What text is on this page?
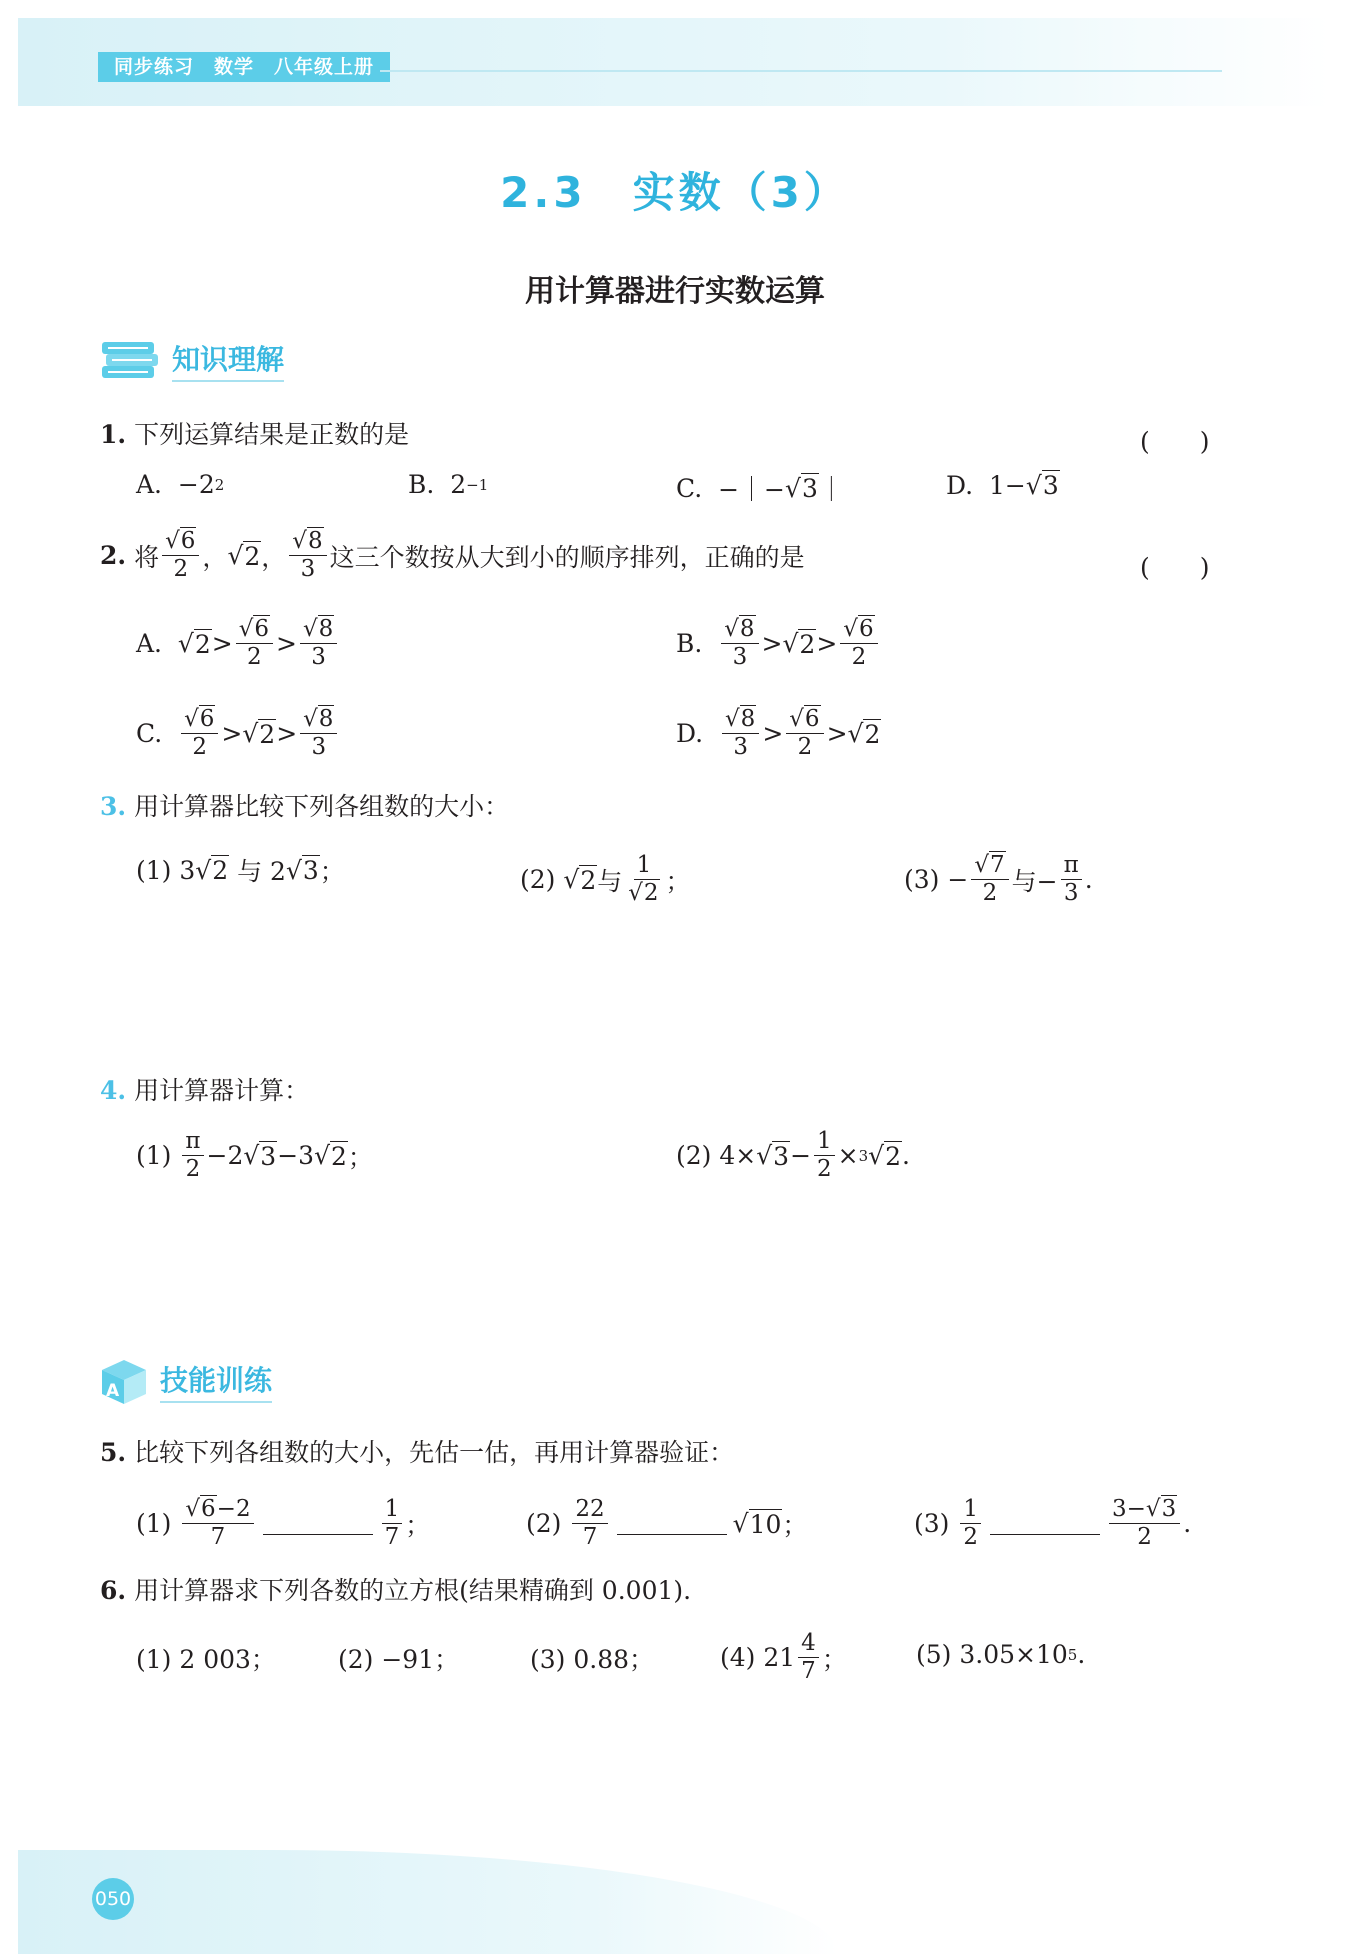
同步练习　数学　八年级上册
2.3　实数（3）
用计算器进行实数运算
知识理解
1. 下列运算结果是正数的是	(　　)
A.
−2 2	B.
2 −1	C.
−｜− √ 3 ｜	D.
1− √ 3
2. 将 $\frac{√6}{2}$ ， √ 2 ， $\frac{√8}{3}$ 这三个数按从大到小的顺序排列，正确的是	(　　)
A. √ $2 > \frac{√6}{2} > \frac{√8}{3}$	B.
$\frac{√8}{3}$ > √ $2 > \frac{√6}{2}$
C.
$\frac{√6}{2}$ > √ $2 > \frac{√8}{3}$	D.
$\frac{√8}{3} > \frac{√6}{2}$ > √ 2
3. 用计算器比较下列各组数的大小：
(1)
3 √ 2
与 2 √ 3 ；	(2) √ 2 与 $\frac{1}{√2}$ ；	(3)
− $\frac{√7}{2}$ 与− $\frac{\pi}{3}$ .
4. 用计算器计算：
(1)
$\frac{\pi}{2} -2$ √ 3 −3 √ 2 ；	(2)
4× √ $3 - \frac{1}{2} \times 3$ √ 2 .
A 技能训练
5. 比较下列各组数的大小，先估一估，再用计算器验证：
(1)
$\frac{√6-2}{7}$	$\frac{1}{7}$ ；	(2)
$\frac{22}{7}$	√ 10 ；	(3)
$\frac{1}{2}$	$\frac{3-√3}{2}$ .
6. 用计算器求下列各数的立方根(结果精确到 0.001).
(1) 2 003； (2) −91；	(3) 0.88；	(4) $21 \frac{4}{7}$ ；	(5) 3.05×10 5 .
050
